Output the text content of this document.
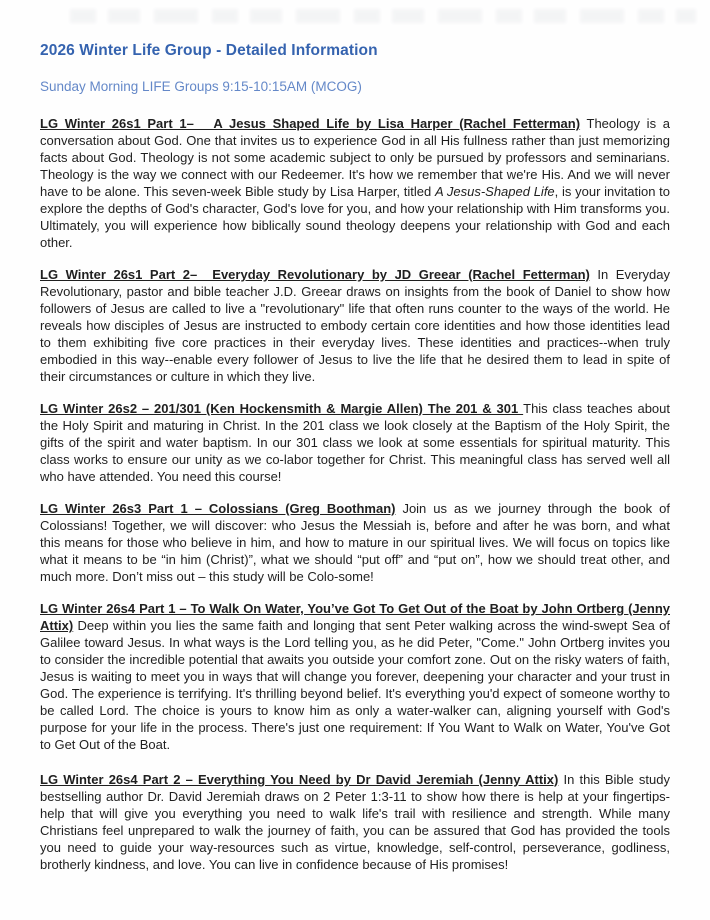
2026 Winter Life Group - Detailed Information
Sunday Morning LIFE Groups 9:15-10:15AM (MCOG)

LG Winter 26s1 Part 1–   A Jesus Shaped Life by Lisa Harper (Rachel Fetterman) Theology is a conversation about God. One that invites us to experience God in all His fullness rather than just memorizing facts about God. Theology is not some academic subject to only be pursued by professors and seminarians. Theology is the way we connect with our Redeemer. It's how we remember that we're His. And we will never have to be alone. This seven-week Bible study by Lisa Harper, titled A Jesus-Shaped Life, is your invitation to explore the depths of God's character, God's love for you, and how your relationship with Him transforms you. Ultimately, you will experience how biblically sound theology deepens your relationship with God and each other.

LG Winter 26s1 Part 2–  Everyday Revolutionary by JD Greear (Rachel Fetterman) In Everyday Revolutionary, pastor and bible teacher J.D. Greear draws on insights from the book of Daniel to show how followers of Jesus are called to live a "revolutionary" life that often runs counter to the ways of the world. He reveals how disciples of Jesus are instructed to embody certain core identities and how those identities lead to them exhibiting five core practices in their everyday lives. These identities and practices--when truly embodied in this way--enable every follower of Jesus to live the life that he desired them to lead in spite of their circumstances or culture in which they live.

LG Winter 26s2 – 201/301 (Ken Hockensmith & Margie Allen) The 201 & 301 This class teaches about the Holy Spirit and maturing in Christ. In the 201 class we look closely at the Baptism of the Holy Spirit, the gifts of the spirit and water baptism. In our 301 class we look at some essentials for spiritual maturity. This class works to ensure our unity as we co-labor together for Christ. This meaningful class has served well all who have attended. You need this course!

LG Winter 26s3 Part 1 – Colossians (Greg Boothman) Join us as we journey through the book of Colossians! Together, we will discover: who Jesus the Messiah is, before and after he was born, and what this means for those who believe in him, and how to mature in our spiritual lives. We will focus on topics like what it means to be “in him (Christ)”, what we should “put off” and “put on”, how we should treat other, and much more. Don’t miss out – this study will be Colo-some!

LG Winter 26s4 Part 1 – To Walk On Water, You’ve Got To Get Out of the Boat by John Ortberg (Jenny Attix) Deep within you lies the same faith and longing that sent Peter walking across the wind-swept Sea of Galilee toward Jesus. In what ways is the Lord telling you, as he did Peter, "Come." John Ortberg invites you to consider the incredible potential that awaits you outside your comfort zone. Out on the risky waters of faith, Jesus is waiting to meet you in ways that will change you forever, deepening your character and your trust in God. The experience is terrifying. It's thrilling beyond belief. It's everything you'd expect of someone worthy to be called Lord. The choice is yours to know him as only a water-walker can, aligning yourself with God's purpose for your life in the process. There's just one requirement: If You Want to Walk on Water, You've Got to Get Out of the Boat.

LG Winter 26s4 Part 2 – Everything You Need by Dr David Jeremiah (Jenny Attix) In this Bible study bestselling author Dr. David Jeremiah draws on 2 Peter 1:3-11 to show how there is help at your fingertips-help that will give you everything you need to walk life's trail with resilience and strength. While many Christians feel unprepared to walk the journey of faith, you can be assured that God has provided the tools you need to guide your way-resources such as virtue, knowledge, self-control, perseverance, godliness, brotherly kindness, and love. You can live in confidence because of His promises!
